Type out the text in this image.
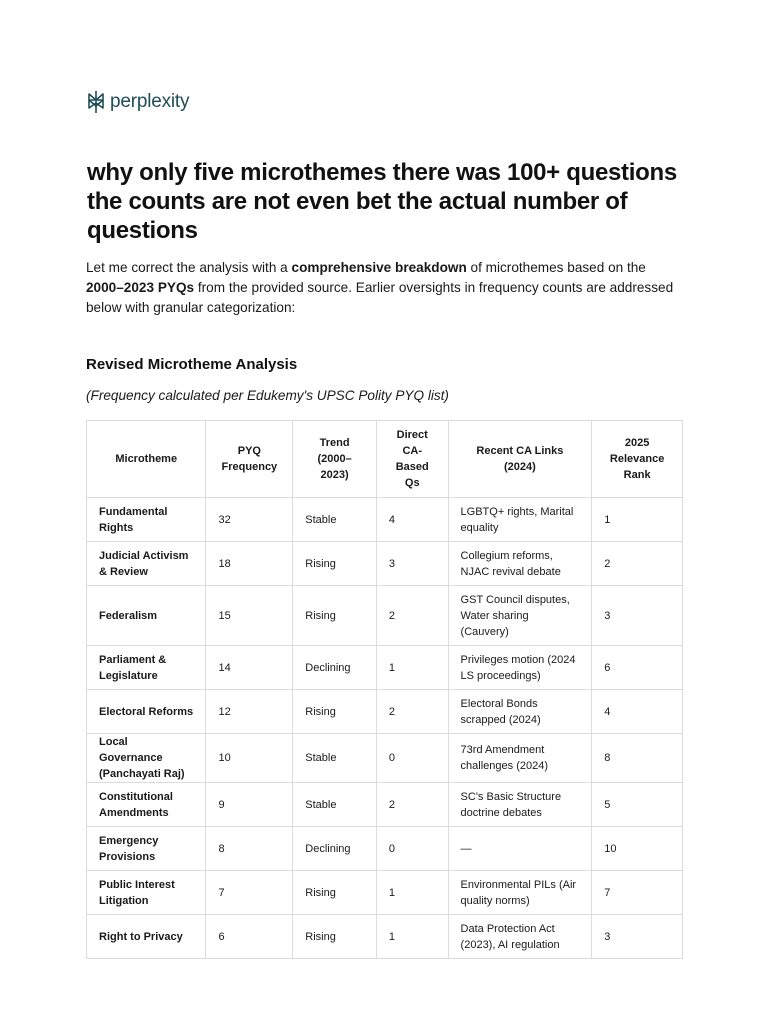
perplexity
why only five microthemes there was 100+ questions the counts are not even bet the actual number of questions

Let me correct the analysis with a comprehensive breakdown of microthemes based on the 2000–2023 PYQs from the provided source. Earlier oversights in frequency counts are addressed below with granular categorization:

Revised Microtheme Analysis

(Frequency calculated per Edukemy's UPSC Polity PYQ list)

Microtheme	PYQ Frequency	Trend (2000–2023)	Direct CA-Based Qs	Recent CA Links (2024)	2025 Relevance Rank
Fundamental Rights	32	Stable	4	LGBTQ+ rights, Marital equality	1
Judicial Activism & Review	18	Rising	3	Collegium reforms, NJAC revival debate	2
Federalism	15	Rising	2	GST Council disputes, Water sharing (Cauvery)	3
Parliament & Legislature	14	Declining	1	Privileges motion (2024 LS proceedings)	6
Electoral Reforms	12	Rising	2	Electoral Bonds scrapped (2024)	4
Local Governance (Panchayati Raj)	10	Stable	0	73rd Amendment challenges (2024)	8
Constitutional Amendments	9	Stable	2	SC's Basic Structure doctrine debates	5
Emergency Provisions	8	Declining	0	—	10
Public Interest Litigation	7	Rising	1	Environmental PILs (Air quality norms)	7
Right to Privacy	6	Rising	1	Data Protection Act (2023), AI regulation	3
